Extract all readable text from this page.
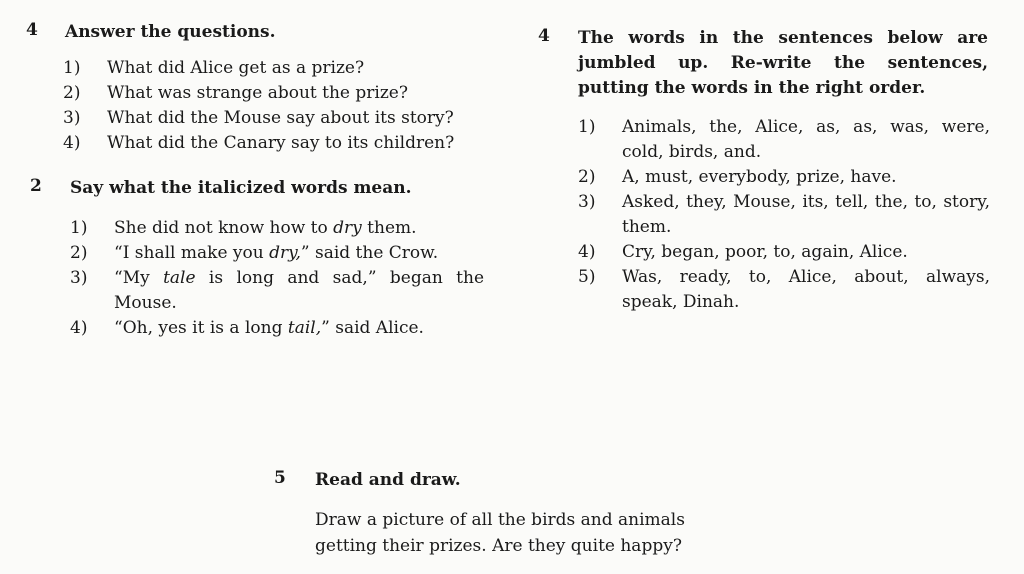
4 Answer the questions.
1) What did Alice get as a prize?
2) What was strange about the prize?
3) What did the Mouse say about its story?
4) What did the Canary say to its children?
2 Say what the italicized words mean.
1) She did not know how to dry them.
2) “I shall make you dry,” said the Crow.
3) “My tale is long and sad,” began the Mouse.
4) “Oh, yes it is a long tail,” said Alice.
4 The words in the sentences below are jumbled up. Re-write the sentences, putting the words in the right order.
1) Animals, the, Alice, as, as, was, were, cold, birds, and.
2) A, must, everybody, prize, have.
3) Asked, they, Mouse, its, tell, the, to, story, them.
4) Cry, began, poor, to, again, Alice.
5) Was, ready, to, Alice, about, always, speak, Dinah.
5 Read and draw.

Draw a picture of all the birds and animals

getting their prizes. Are they quite happy?
